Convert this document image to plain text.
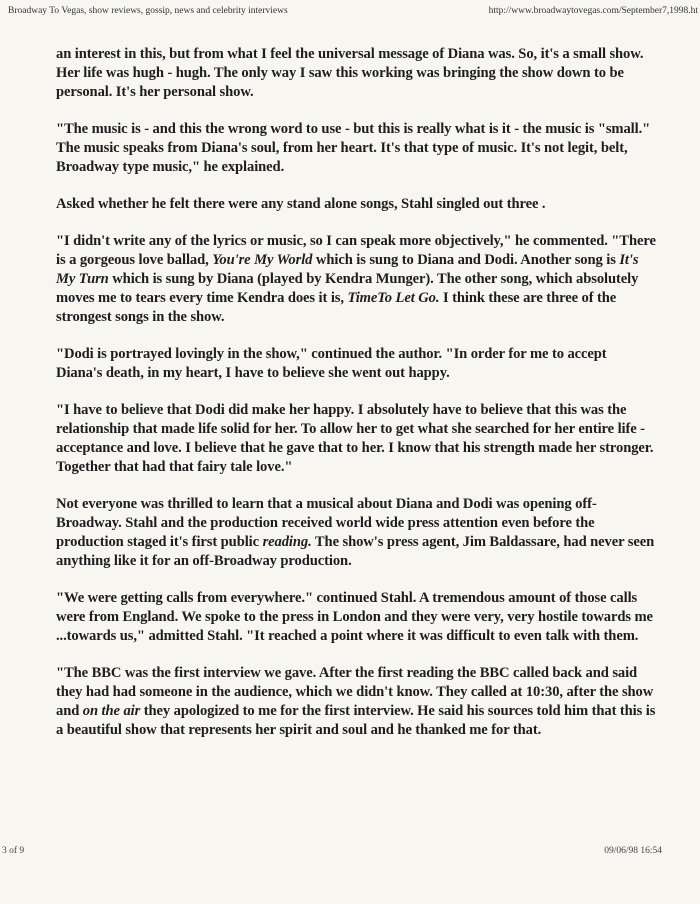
Broadway To Vegas, show reviews, gossip, news and celebrity interviews	http://www.broadwaytovegas.com/September7,1998.ht

an interest in this, but from what I feel the universal message of Diana was. So, it's a small show. Her life was hugh - hugh. The only way I saw this working was bringing the show down to be personal. It's her personal show.

"The music is - and this the wrong word to use - but this is really what is it - the music is "small." The music speaks from Diana's soul, from her heart. It's that type of music. It's not legit, belt, Broadway type music," he explained.

Asked whether he felt there were any stand alone songs, Stahl singled out three .

"I didn't write any of the lyrics or music, so I can speak more objectively," he commented. "There is a gorgeous love ballad, You're My World which is sung to Diana and Dodi. Another song is It's My Turn which is sung by Diana (played by Kendra Munger). The other song, which absolutely moves me to tears every time Kendra does it is, TimeTo Let Go. I think these are three of the strongest songs in the show.

"Dodi is portrayed lovingly in the show," continued the author. "In order for me to accept Diana's death, in my heart, I have to believe she went out happy.

"I have to believe that Dodi did make her happy. I absolutely have to believe that this was the relationship that made life solid for her. To allow her to get what she searched for her entire life - acceptance and love. I believe that he gave that to her. I know that his strength made her stronger. Together that had that fairy tale love."

Not everyone was thrilled to learn that a musical about Diana and Dodi was opening off-Broadway. Stahl and the production received world wide press attention even before the production staged it's first public reading. The show's press agent, Jim Baldassare, had never seen anything like it for an off-Broadway production.

"We were getting calls from everywhere." continued Stahl. A tremendous amount of those calls were from England. We spoke to the press in London and they were very, very hostile towards me ...towards us," admitted Stahl. "It reached a point where it was difficult to even talk with them.

"The BBC was the first interview we gave. After the first reading the BBC called back and said they had had someone in the audience, which we didn't know. They called at 10:30, after the show and on the air they apologized to me for the first interview. He said his sources told him that this is a beautiful show that represents her spirit and soul and he thanked me for that.

3 of 9	09/06/98 16:54
